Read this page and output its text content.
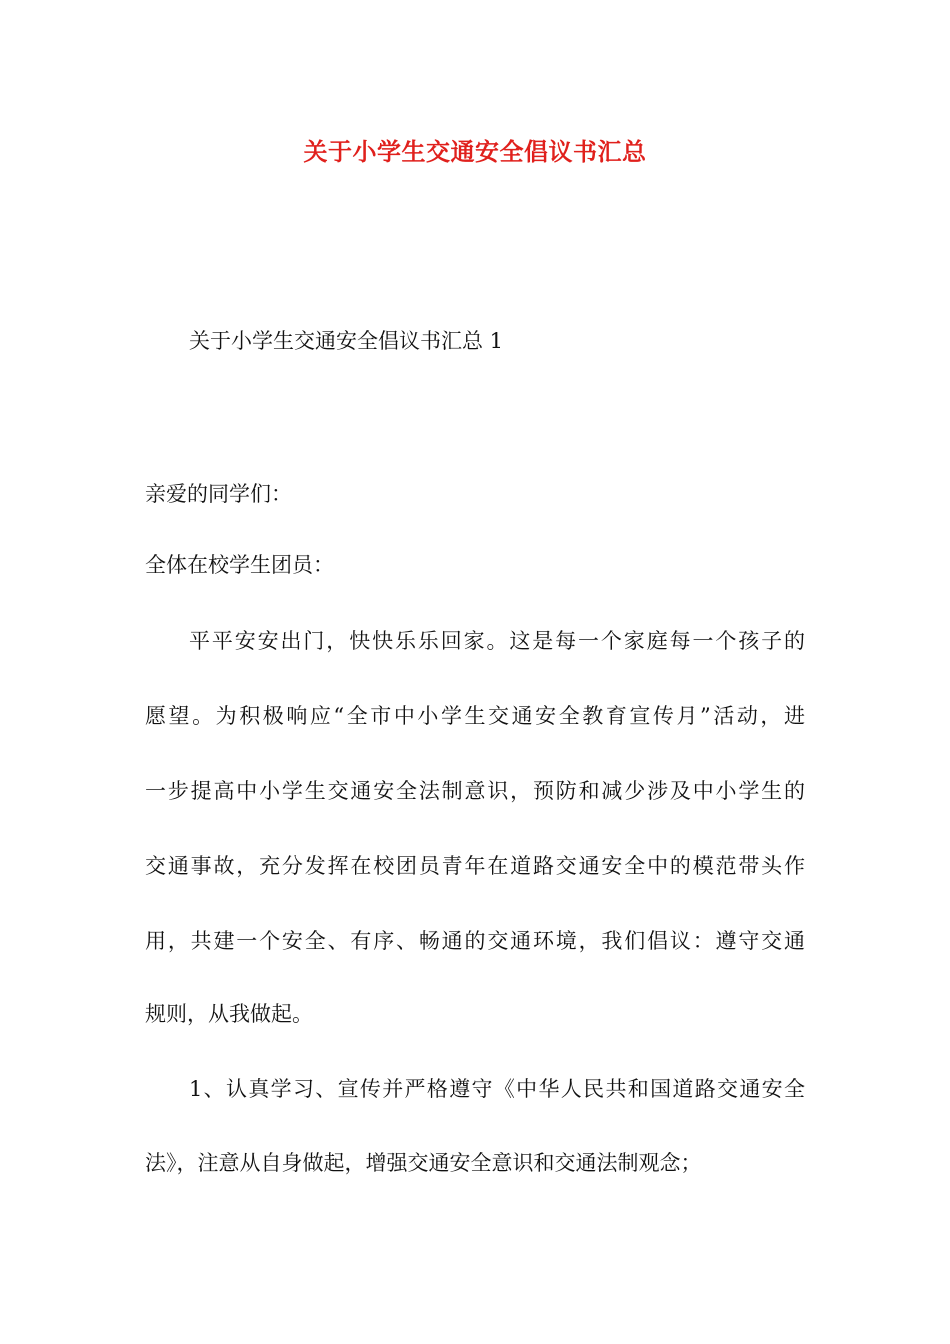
关于小学生交通安全倡议书汇总
关于小学生交通安全倡议书汇总 1
亲爱的同学们：
全体在校学生团员：
平平安安出门，快快乐乐回家。这是每一个家庭每一个孩子的
愿望。为积极响应“全市中小学生交通安全教育宣传月”活动，进
一步提高中小学生交通安全法制意识，预防和减少涉及中小学生的
交通事故，充分发挥在校团员青年在道路交通安全中的模范带头作
用，共建一个安全、有序、畅通的交通环境，我们倡议：遵守交通
规则，从我做起。
1、认真学习、宣传并严格遵守《中华人民共和国道路交通安全
法》，注意从自身做起，增强交通安全意识和交通法制观念；
